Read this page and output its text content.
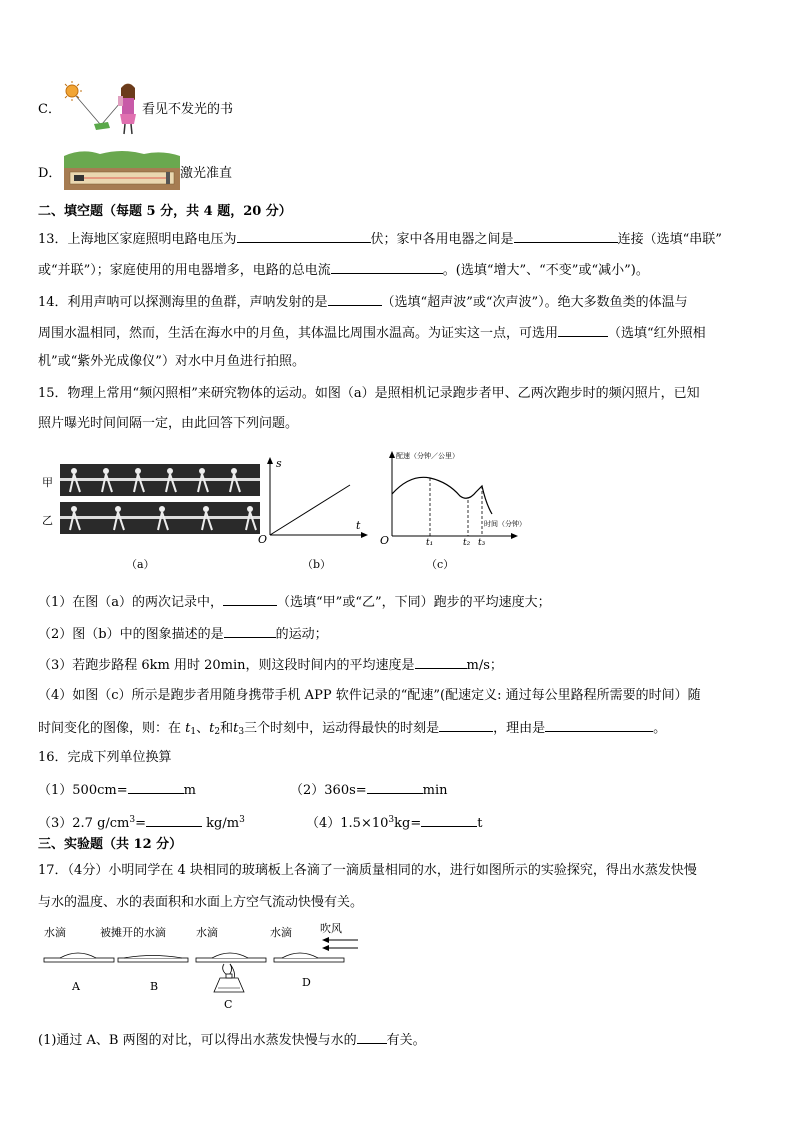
C．	看见不发光的书
D．	激光准直
二、填空题（每题 5 分，共 4 题，20 分）
13．上海地区家庭照明电路电压为	伏；家中各用电器之间是	连接（选填“串联”
或“并联”）；家庭使用的用电器增多，电路的总电流	。(选填“增大”、“不变”或“减小”)。
14．利用声呐可以探测海里的鱼群，声呐发射的是	（选填“超声波”或“次声波”）。绝大多数鱼类的体温与
周围水温相同，然而，生活在海水中的月鱼，其体温比周围水温高。为证实这一点，可选用	（选填“红外照相
机”或“紫外光成像仪”）对水中月鱼进行拍照。
15．物理上常用“频闪照相”来研究物体的运动。如图（a）是照相机记录跑步者甲、乙两次跑步时的频闪照片，已知
照片曝光时间间隔一定，由此回答下列问题。
甲
乙
（a）
s
t
O
（b）
配速（分钟／公里）
时间（分钟）
t₁	t₂ t₃
O
（c）
（1）在图（a）的两次记录中，	（选填“甲”或“乙”，下同）跑步的平均速度大；
（2）图（b）中的图象描述的是	的运动；
（3）若跑步路程 6km 用时 20min，则这段时间内的平均速度是	m/s；
（4）如图（c）所示是跑步者用随身携带手机 APP 软件记录的“配速”(配速定义: 通过每公里路程所需要的时间）随
时间变化的图像，则：在 $t_1$、$t_2$和$t_3$三个时刻中，运动得最快的时刻是	，理由是	。
16．完成下列单位换算
（1）500cm=	m	（2）360s=	min
（3）2.7 $g/cm^3=$	$kg/m^3$	$(4)1.5\times 10^3kg=$	t
三、实验题（共 12 分）
17．（4分）小明同学在 4 块相同的玻璃板上各滴了一滴质量相同的水，进行如图所示的实验探究，得出水蒸发快慢
与水的温度、水的表面积和水面上方空气流动快慢有关。
水滴
A
被摊开的水滴
B
水滴
C
水滴	吹风
D
(1)通过 A、B 两图的对比，可以得出水蒸发快慢与水的 有关。
